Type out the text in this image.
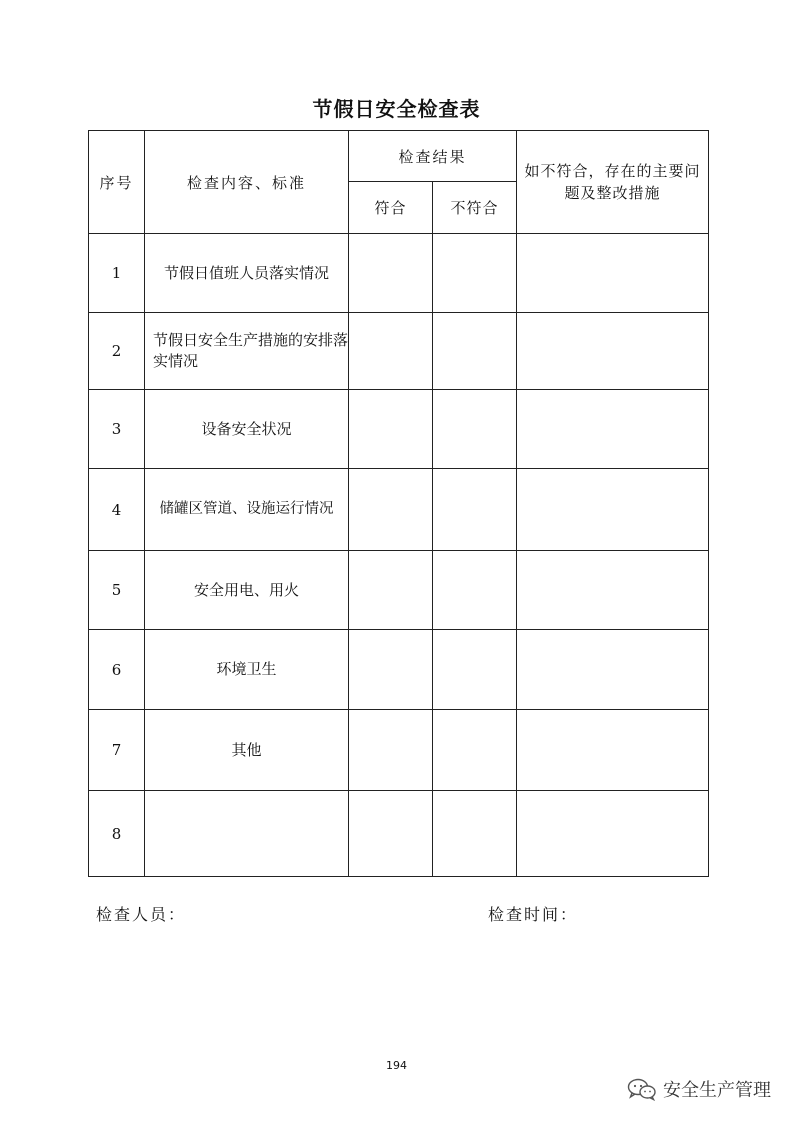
节假日安全检查表
序号	检查内容、标准	检查结果		如不符合，存在的主要问题及整改措施
		符合	不符合	
1	节假日值班人员落实情况			
2	节假日安全生产措施的安排落实情况			
3	设备安全状况			
4	储罐区管道、设施运行情况			
5	安全用电、用火			
6	环境卫生			
7	其他			
8				
检查人员：	检查时间：
194
安全生产管理
